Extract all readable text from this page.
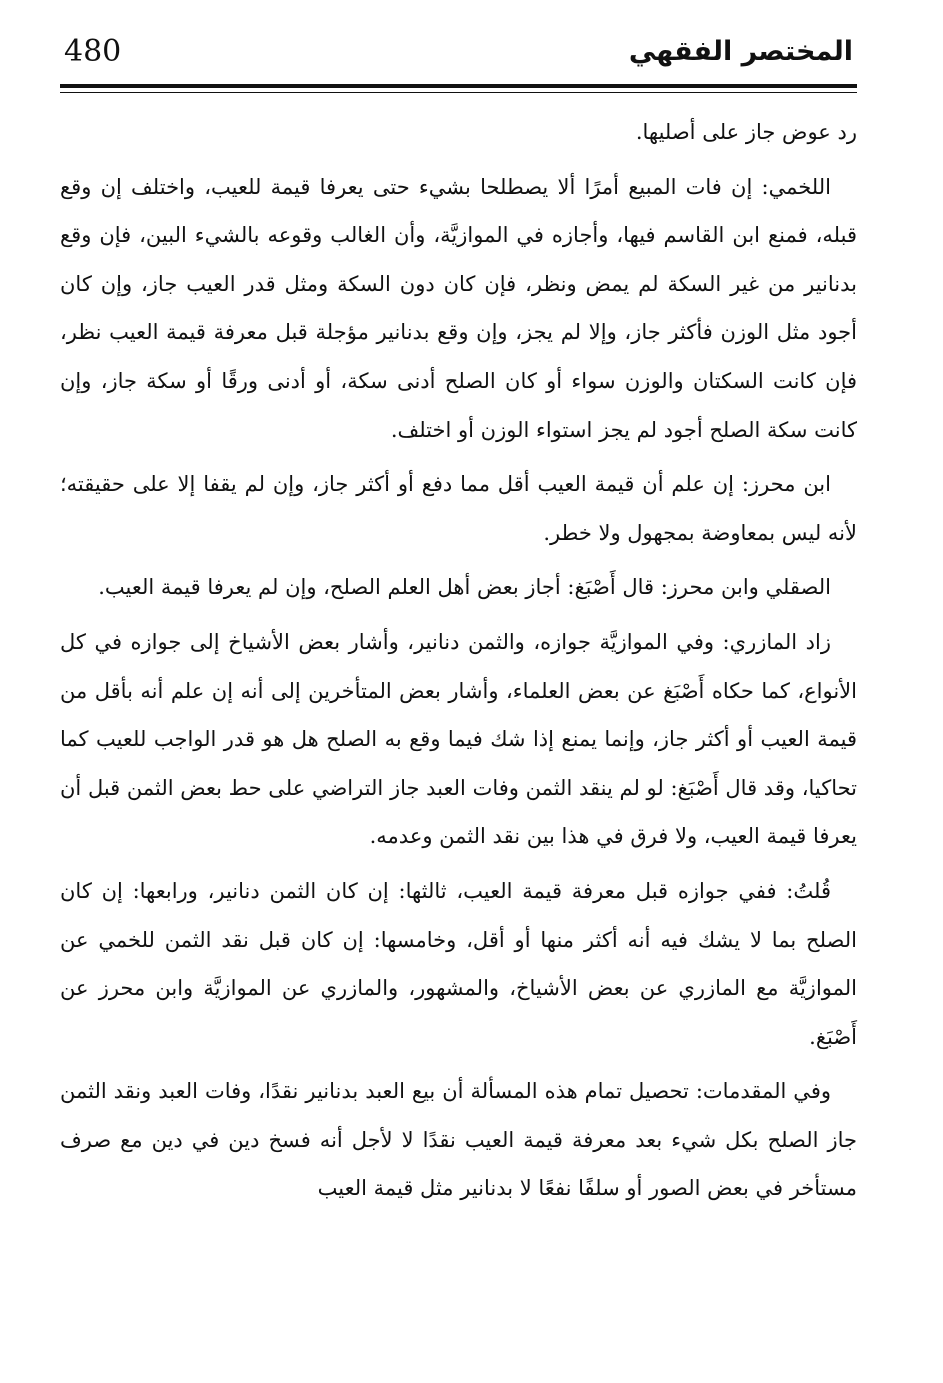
480	المختصر الفقهي

رد عوض جاز على أصليها.

اللخمي: إن فات المبيع أمرًا ألا يصطلحا بشيء حتى يعرفا قيمة للعيب، واختلف إن وقع قبله، فمنع ابن القاسم فيها، وأجازه في الموازيَّة، وأن الغالب وقوعه بالشيء البين، فإن وقع بدنانير من غير السكة لم يمض ونظر، فإن كان دون السكة ومثل قدر العيب جاز، وإن كان أجود مثل الوزن فأكثر جاز، وإلا لم يجز، وإن وقع بدنانير مؤجلة قبل معرفة قيمة العيب نظر، فإن كانت السكتان والوزن سواء أو كان الصلح أدنى سكة، أو أدنى ورقًا أو سكة جاز، وإن كانت سكة الصلح أجود لم يجز استواء الوزن أو اختلف.

ابن محرز: إن علم أن قيمة العيب أقل مما دفع أو أكثر جاز، وإن لم يقفا إلا على حقيقته؛ لأنه ليس بمعاوضة بمجهول ولا خطر.

الصقلي وابن محرز: قال أَصْبَغ: أجاز بعض أهل العلم الصلح، وإن لم يعرفا قيمة العيب.

زاد المازري: وفي الموازيَّة جوازه، والثمن دنانير، وأشار بعض الأشياخ إلى جوازه في كل الأنواع، كما حكاه أَصْبَغ عن بعض العلماء، وأشار بعض المتأخرين إلى أنه إن علم أنه بأقل من قيمة العيب أو أكثر جاز، وإنما يمنع إذا شك فيما وقع به الصلح هل هو قدر الواجب للعيب كما تحاكيا، وقد قال أَصْبَغ: لو لم ينقد الثمن وفات العبد جاز التراضي على حط بعض الثمن قبل أن يعرفا قيمة العيب، ولا فرق في هذا بين نقد الثمن وعدمه.

قُلتُ: ففي جوازه قبل معرفة قيمة العيب، ثالثها: إن كان الثمن دنانير، ورابعها: إن كان الصلح بما لا يشك فيه أنه أكثر منها أو أقل، وخامسها: إن كان قبل نقد الثمن للخمي عن الموازيَّة مع المازري عن بعض الأشياخ، والمشهور، والمازري عن الموازيَّة وابن محرز عن أَصْبَغ.

وفي المقدمات: تحصيل تمام هذه المسألة أن بيع العبد بدنانير نقدًا، وفات العبد ونقد الثمن جاز الصلح بكل شيء بعد معرفة قيمة العيب نقدًا لا لأجل أنه فسخ دين في دين مع صرف مستأخر في بعض الصور أو سلفًا نفعًا لا بدنانير مثل قيمة العيب
